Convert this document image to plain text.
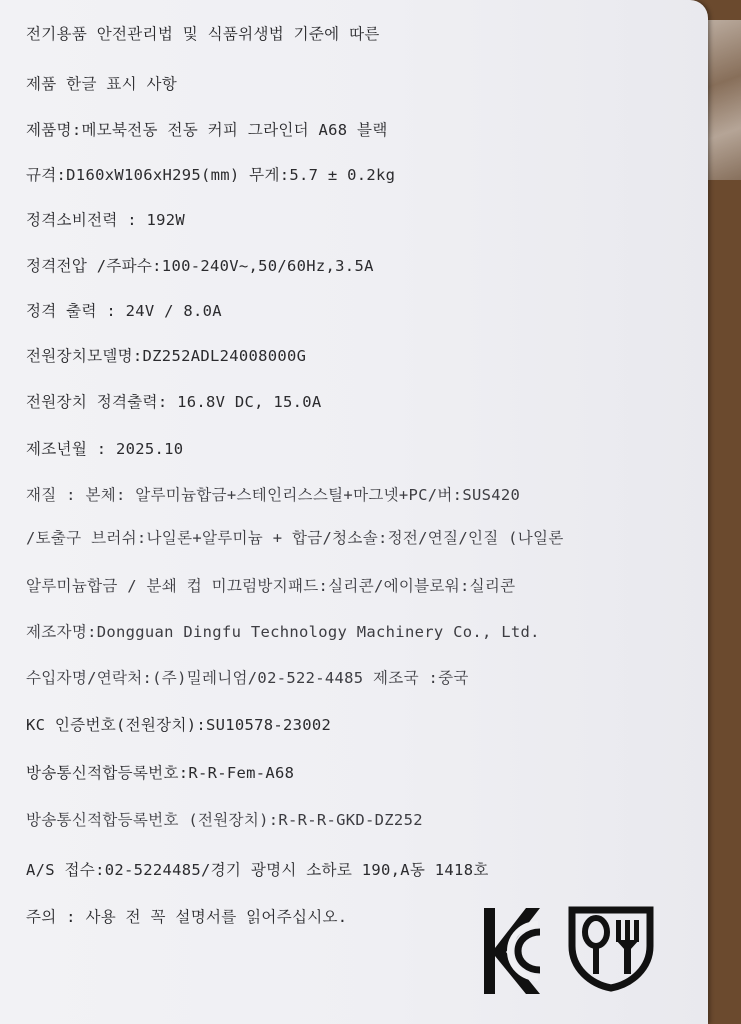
전기용품 안전관리법 및 식품위생법 기준에 따른
제품 한글 표시 사항
제품명:메모북전동 전동 커피 그라인더 A68 블랙
규격:D160xW106xH295(mm) 무게:5.7 ± 0.2kg
정격소비전력 : 192W
정격전압 /주파수:100-240V~,50/60Hz,3.5A
정격 출력 : 24V / 8.0A
전원장치모델명:DZ252ADL24008000G
전원장치 정격출력: 16.8V DC, 15.0A
제조년월 : 2025.10
재질 : 본체: 알루미늄합금+스테인리스스틸+마그넷+PC/버:SUS420
/토출구 브러쉬:나일론+알루미늄 + 합금/청소솔:정전/연질/인질 (나일론
알루미늄합금 / 분쇄 컵 미끄럼방지패드:실리콘/에이블로워:실리콘
제조자명:Dongguan Dingfu Technology Machinery Co., Ltd.
수입자명/연락처:(주)밀레니엄/02-522-4485 제조국 :중국
KC 인증번호(전원장치):SU10578-23002
방송통신적합등록번호:R-R-Fem-A68
방송통신적합등록번호 (전원장치):R-R-R-GKD-DZ252
A/S 접수:02-5224485/경기 광명시 소하로 190,A동 1418호
주의 : 사용 전 꼭 설명서를 읽어주십시오.
